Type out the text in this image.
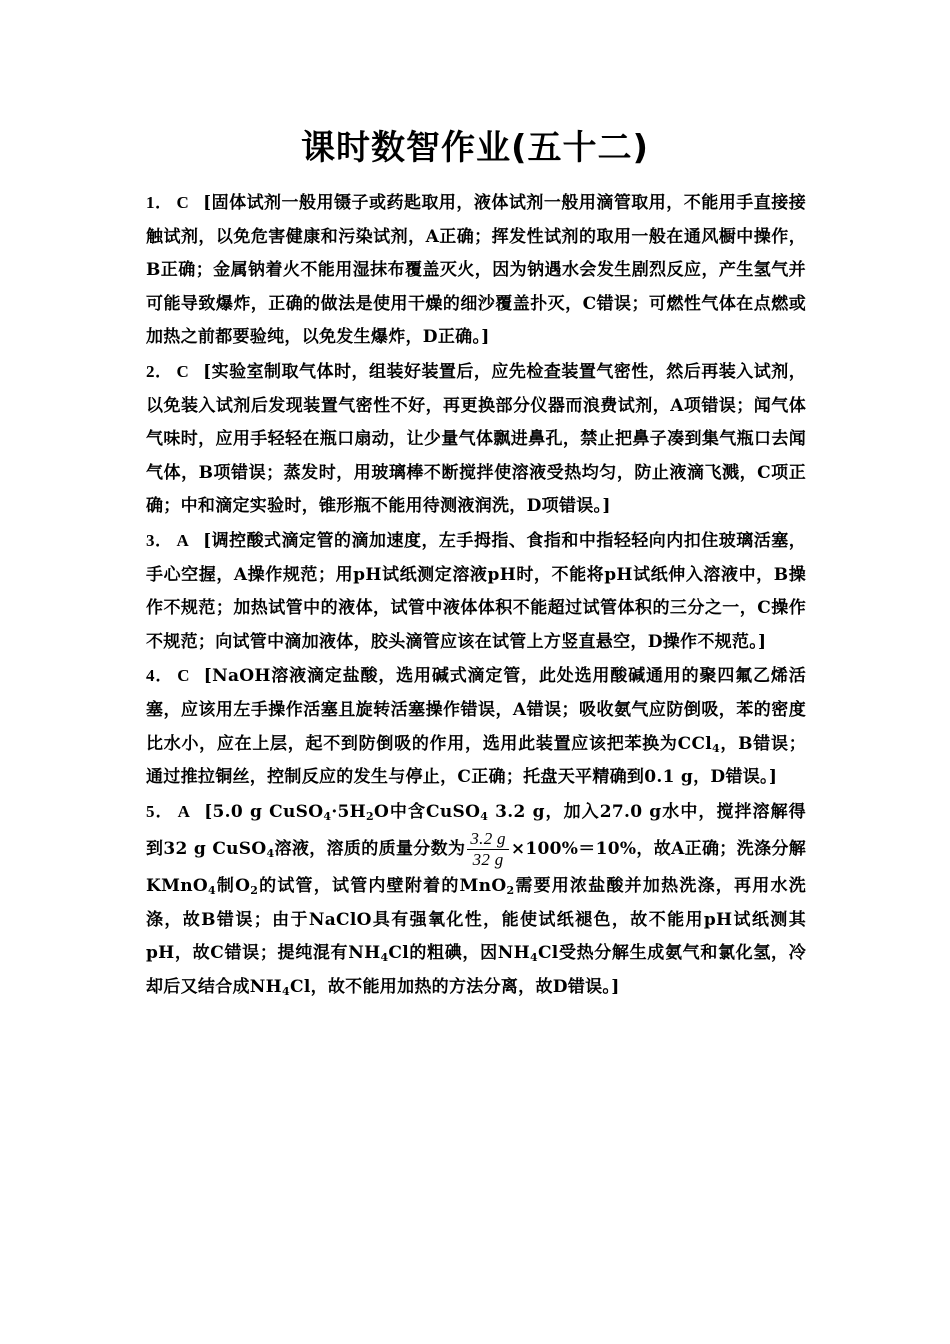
课时数智作业(五十二)

1． C [固体试剂一般用镊子或药匙取用，液体试剂一般用滴管取用，不能用手直接接触试剂，以免危害健康和污染试剂，A正确；挥发性试剂的取用一般在通风橱中操作，B正确；金属钠着火不能用湿抹布覆盖灭火，因为钠遇水会发生剧烈反应，产生氢气并可能导致爆炸，正确的做法是使用干燥的细沙覆盖扑灭，C错误；可燃性气体在点燃或加热之前都要验纯，以免发生爆炸，D正确。]

2． C [实验室制取气体时，组装好装置后，应先检查装置气密性，然后再装入试剂，以免装入试剂后发现装置气密性不好，再更换部分仪器而浪费试剂，A项错误；闻气体气味时，应用手轻轻在瓶口扇动，让少量气体飘进鼻孔，禁止把鼻子凑到集气瓶口去闻气体，B项错误；蒸发时，用玻璃棒不断搅拌使溶液受热均匀，防止液滴飞溅，C项正确；中和滴定实验时，锥形瓶不能用待测液润洗，D项错误。]

3． A [调控酸式滴定管的滴加速度，左手拇指、食指和中指轻轻向内扣住玻璃活塞，手心空握，A操作规范；用pH试纸测定溶液pH时，不能将pH试纸伸入溶液中，B操作不规范；加热试管中的液体，试管中液体体积不能超过试管体积的三分之一，C操作不规范；向试管中滴加液体，胶头滴管应该在试管上方竖直悬空，D操作不规范。]

4． C [NaOH溶液滴定盐酸，选用碱式滴定管，此处选用酸碱通用的聚四氟乙烯活塞，应该用左手操作活塞且旋转活塞操作错误，A错误；吸收氨气应防倒吸，苯的密度比水小，应在上层，起不到防倒吸的作用，选用此装置应该把苯换为CCl$_4$，B错误；通过推拉铜丝，控制反应的发生与停止，C正确；托盘天平精确到0.1 g，D错误。]

5． A [5.0 g $CuSO_4\cdot 5H_2O$中含CuSO$_4$ 3.2 g，加入27.0 g水中，搅拌溶解得到32 g CuSO$_4$溶液，溶质的质量分数为 $\frac{3.2 g}{32 g} \times 100\%=10\%$，故A正确；洗涤分解KMnO$_4$制$O_2$的试管，试管内壁附着的MnO$_2$需要用浓盐酸并加热洗涤，再用水洗涤，故B错误；由于NaClO具有强氧化性，能使试纸褪色，故不能用pH试纸测其pH，故C错误；提纯混有$NH_4Cl$的粗碘，因$NH_4Cl$受热分解生成氨气和氯化氢，冷却后又结合成$NH_4Cl$，故不能用加热的方法分离，故D错误。]
